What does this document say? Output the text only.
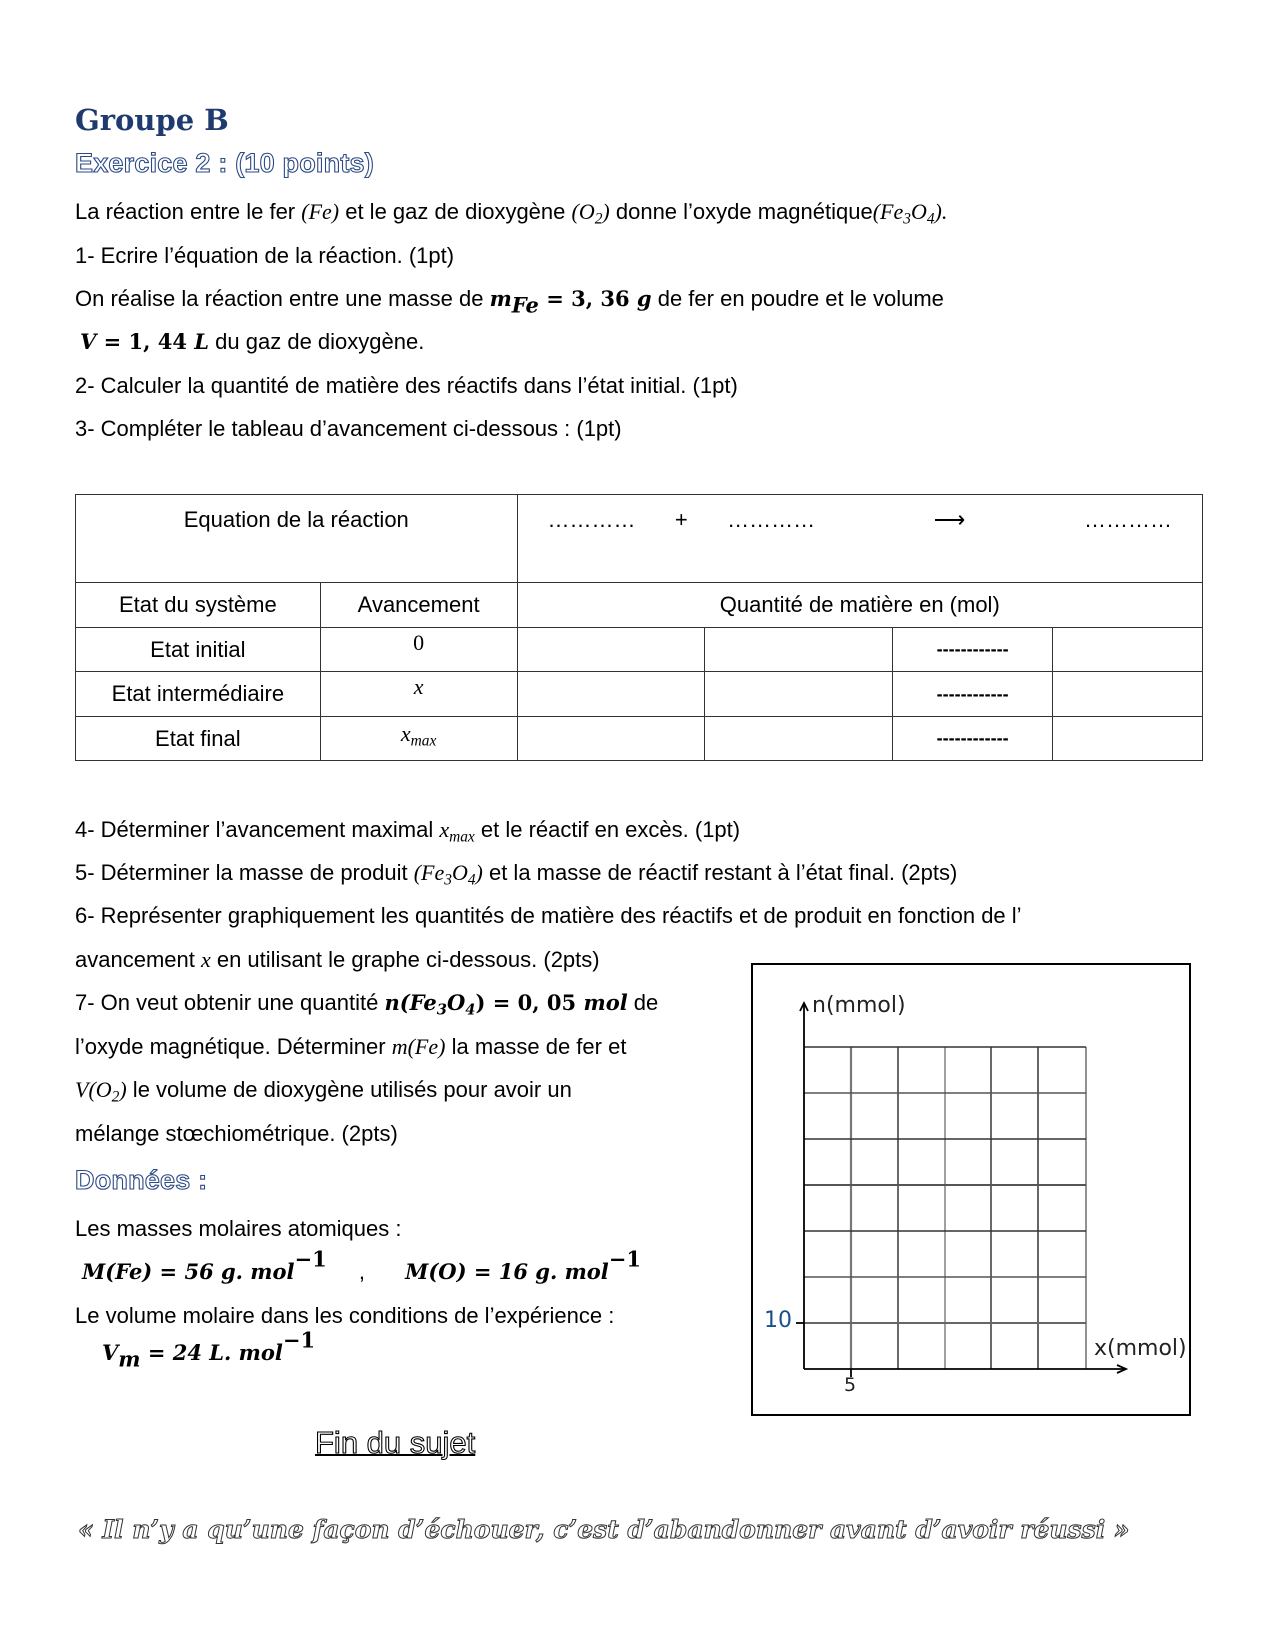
Groupe B
Exercice 2 : (10 points)
La réaction entre le fer (Fe) et le gaz de dioxygène $(O_2)$ donne l’oxyde $magnétique(Fe_3O_4)$.
1- Ecrire l’équation de la réaction. (1pt)
On réalise la réaction entre une masse de $m_{Fe} = 3$, 36 g de fer en poudre et le volume
V = 1, 44 L du gaz de dioxygène.
2- Calculer la quantité de matière des réactifs dans l’état initial. (1pt)
3- Compléter le tableau d’avancement ci-dessous : (1pt)
Equation de la réaction		………… + ………… ⟶ …………			

Etat du système	Avancement	Quantité de matière en (mol)			
Etat initial	0			------------	
Etat intermédiaire	x			------------	
Etat final	$x_{max}$			------------	
4- Déterminer l’avancement maximal $x_{max}$ et le réactif en excès. (1pt)
5- Déterminer la masse de produit $(Fe_3O_4)$ et la masse de réactif restant à l’état final. (2pts)
6- Représenter graphiquement les quantités de matière des réactifs et de produit en fonction de l’
avancement x en utilisant le graphe ci-dessous. (2pts)
7- On veut obtenir une quantité $n(Fe_3O_4) = 0$, 05 mol de
l’oxyde magnétique. Déterminer m(Fe) la masse de fer et
$V(O_2)$ le volume de dioxygène utilisés pour avoir un
mélange stœchiométrique. (2pts)
Données :
Les masses molaires atomiques :
M(Fe) = 56 g. mol$^{-1}$ , M(O) = 16 g. mol$^{-1}$
Le volume molaire dans les conditions de l’expérience :
$V_m = 24$ L. mol$^{-1}$
n(mmol)
x(mmol)
10
5
Fin du sujet
« Il n’y a qu’une façon d’échouer, c’est d’abandonner avant d’avoir réussi »
